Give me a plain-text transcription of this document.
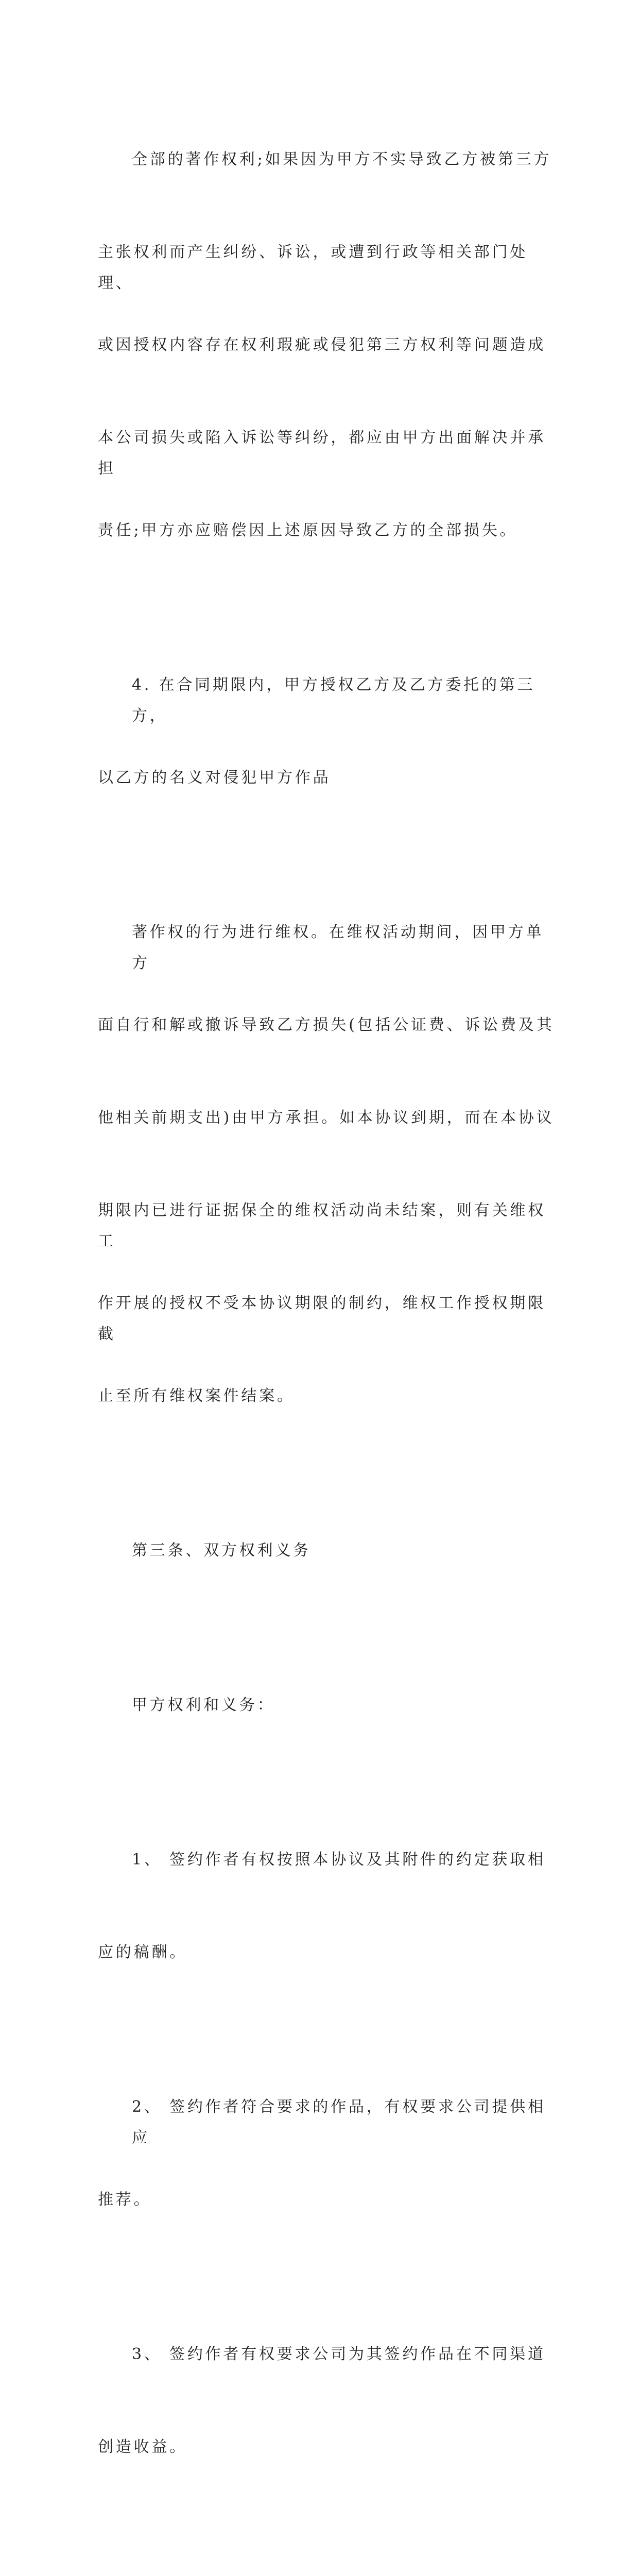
全部的著作权利;如果因为甲方不实导致乙方被第三方

主张权利而产生纠纷、诉讼，或遭到行政等相关部门处理、

或因授权内容存在权利瑕疵或侵犯第三方权利等问题造成

本公司损失或陷入诉讼等纠纷，都应由甲方出面解决并承担

责任;甲方亦应赔偿因上述原因导致乙方的全部损失。

4. 在合同期限内，甲方授权乙方及乙方委托的第三方，

以乙方的名义对侵犯甲方作品

著作权的行为进行维权。在维权活动期间，因甲方单方

面自行和解或撤诉导致乙方损失(包括公证费、诉讼费及其

他相关前期支出)由甲方承担。如本协议到期，而在本协议

期限内已进行证据保全的维权活动尚未结案，则有关维权工

作开展的授权不受本协议期限的制约，维权工作授权期限截

止至所有维权案件结案。

第三条、双方权利义务

甲方权利和义务：

1、 签约作者有权按照本协议及其附件的约定获取相

应的稿酬。

2、 签约作者符合要求的作品，有权要求公司提供相应

推荐。

3、 签约作者有权要求公司为其签约作品在不同渠道

创造收益。
